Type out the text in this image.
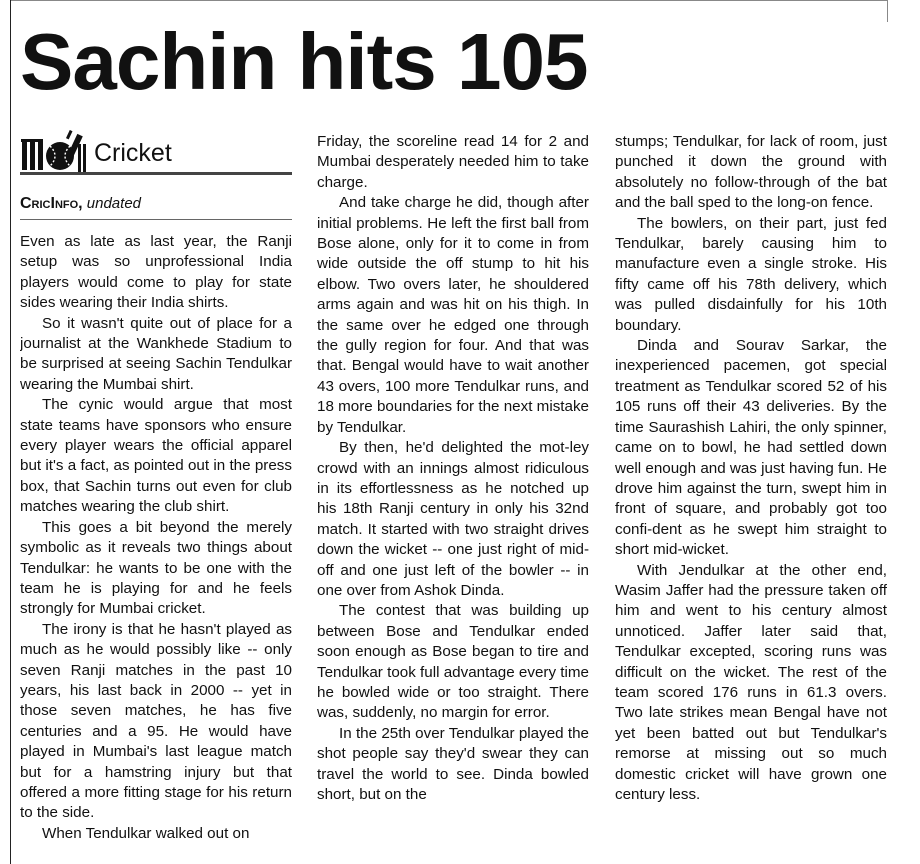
Sachin hits 105
Cricket
CricInfo, undated

Even as late as last year, the Ranji setup was so unprofessional India players would come to play for state sides wearing their India shirts.

So it wasn't quite out of place for a journalist at the Wankhede Stadium to be surprised at seeing Sachin Tendulkar wearing the Mumbai shirt.

The cynic would argue that most state teams have sponsors who ensure every player wears the official apparel but it's a fact, as pointed out in the press box, that Sachin turns out even for club matches wearing the club shirt.

This goes a bit beyond the merely symbolic as it reveals two things about Tendulkar: he wants to be one with the team he is playing for and he feels strongly for Mumbai cricket.

The irony is that he hasn't played as much as he would possibly like -- only seven Ranji matches in the past 10 years, his last back in 2000 -- yet in those seven matches, he has five centuries and a 95. He would have played in Mumbai's last league match but for a hamstring injury but that offered a more fitting stage for his return to the side.

When Tendulkar walked out on

Friday, the scoreline read 14 for 2 and Mumbai desperately needed him to take charge.

And take charge he did, though after initial problems. He left the first ball from Bose alone, only for it to come in from wide outside the off stump to hit his elbow. Two overs later, he shouldered arms again and was hit on his thigh. In the same over he edged one through the gully region for four. And that was that. Bengal would have to wait another 43 overs, 100 more Tendulkar runs, and 18 more boundaries for the next mistake by Tendulkar.

By then, he'd delighted the mot-ley crowd with an innings almost ridiculous in its effortlessness as he notched up his 18th Ranji century in only his 32nd match. It started with two straight drives down the wicket -- one just right of mid-off and one just left of the bowler -- in one over from Ashok Dinda.

The contest that was building up between Bose and Tendulkar ended soon enough as Bose began to tire and Tendulkar took full advantage every time he bowled wide or too straight. There was, suddenly, no margin for error.

In the 25th over Tendulkar played the shot people say they'd swear they can travel the world to see. Dinda bowled short, but on the

stumps; Tendulkar, for lack of room, just punched it down the ground with absolutely no follow-through of the bat and the ball sped to the long-on fence.

The bowlers, on their part, just fed Tendulkar, barely causing him to manufacture even a single stroke. His fifty came off his 78th delivery, which was pulled disdainfully for his 10th boundary.

Dinda and Sourav Sarkar, the inexperienced pacemen, got special treatment as Tendulkar scored 52 of his 105 runs off their 43 deliveries. By the time Saurashish Lahiri, the only spinner, came on to bowl, he had settled down well enough and was just having fun. He drove him against the turn, swept him in front of square, and probably got too confi-dent as he swept him straight to short mid-wicket.

With Jendulkar at the other end, Wasim Jaffer had the pressure taken off him and went to his century almost unnoticed. Jaffer later said that, Tendulkar excepted, scoring runs was difficult on the wicket. The rest of the team scored 176 runs in 61.3 overs. Two late strikes mean Bengal have not yet been batted out but Tendulkar's remorse at missing out so much domestic cricket will have grown one century less.
